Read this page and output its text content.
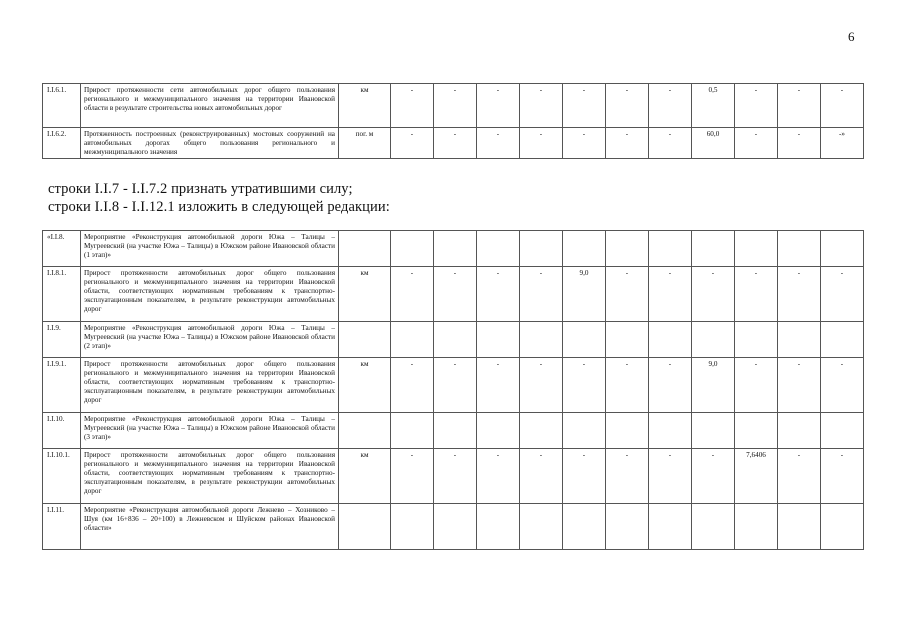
6
I.I.6.1.	Прирост протяженности сети автомобильных дорог общего пользования регионального и межмуниципального значения на территории Ивановской области в результате строительства новых автомобильных дорог	км	-	-	-	-	-	-	-	0,5	-	-	-
I.I.6.2.	Протяженность построенных (реконструированных) мостовых сооружений на автомобильных дорогах общего пользования регионального и межмуниципального значения	пог. м	-	-	-	-	-	-	-	60,0	-	-	-»
строки I.I.7 - I.I.7.2 признать утратившими силу;
строки I.I.8 - I.I.12.1 изложить в следующей редакции:
«I.I.8.	Мероприятие «Реконструкция автомобильной дороги Южа – Талицы – Мугреевский (на участке Южа – Талицы) в Южском районе Ивановской области (1 этап)»												
I.I.8.1.	Прирост протяженности автомобильных дорог общего пользования регионального и межмуниципального значения на территории Ивановской области, соответствующих нормативным требованиям к транспортно-эксплуатационным показателям, в результате реконструкции автомобильных дорог	км	-	-	-	-	9,0	-	-	-	-	-	-
I.I.9.	Мероприятие «Реконструкция автомобильной дороги Южа – Талицы – Мугреевский (на участке Южа – Талицы) в Южском районе Ивановской области (2 этап)»												
I.I.9.1.	Прирост протяженности автомобильных дорог общего пользования регионального и межмуниципального значения на территории Ивановской области, соответствующих нормативным требованиям к транспортно-эксплуатационным показателям, в результате реконструкции автомобильных дорог	км	-	-	-	-	-	-	-	9,0	-	-	-
I.I.10.	Мероприятие «Реконструкция автомобильной дороги Южа – Талицы – Мугреевский (на участке Южа – Талицы) в Южском районе Ивановской области (3 этап)»												
I.I.10.1.	Прирост протяженности автомобильных дорог общего пользования регионального и межмуниципального значения на территории Ивановской области, соответствующих нормативным требованиям к транспортно-эксплуатационным показателям, в результате реконструкции автомобильных дорог	км	-	-	-	-	-	-	-	-	7,6406	-	-
I.I.11.	Мероприятие «Реконструкция автомобильной дороги Лежнево – Хозниково – Шуя (км 16+836 – 20+100) в Лежневском и Шуйском районах Ивановской области»												
